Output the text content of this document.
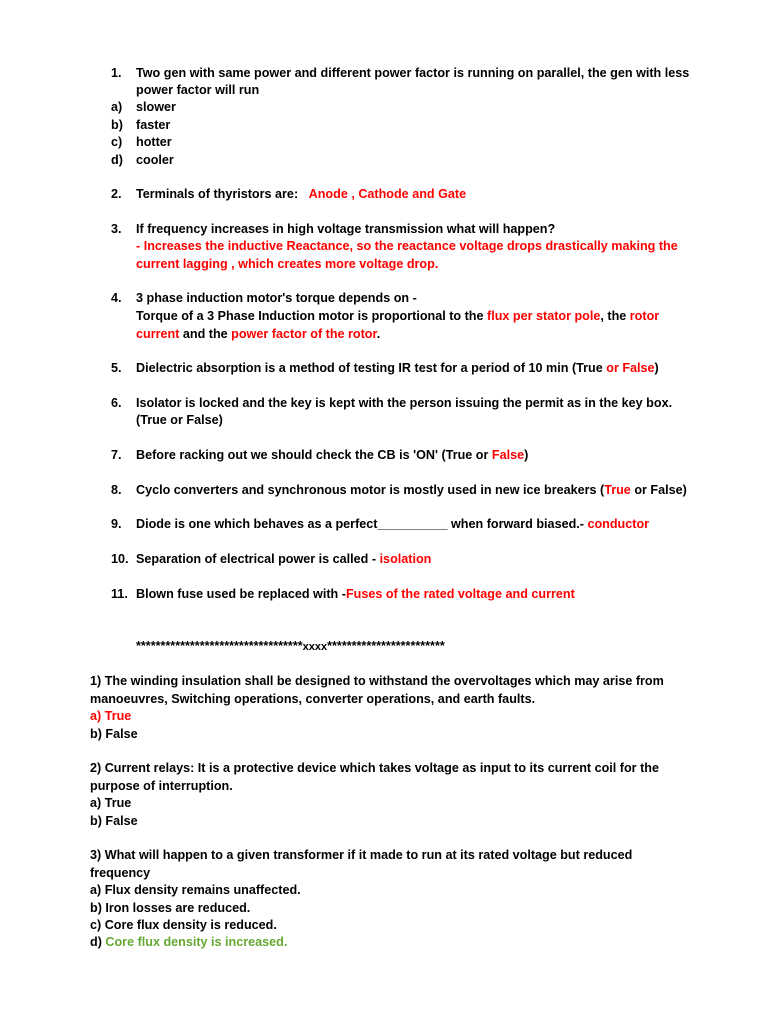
1. Two gen with same power and different power factor is running on parallel, the gen with less
power factor will run
a) slower
b) faster
c) hotter
d) cooler
2. Terminals of thyristors are: Anode , Cathode and Gate
3. If frequency increases in high voltage transmission what will happen?
- Increases the inductive Reactance, so the reactance voltage drops drastically making the
current lagging , which creates more voltage drop.
4. 3 phase induction motor's torque depends on -
Torque of a 3 Phase Induction motor is proportional to the flux per stator pole, the rotor
current and the power factor of the rotor.
5. Dielectric absorption is a method of testing IR test for a period of 10 min (True or False)
6. Isolator is locked and the key is kept with the person issuing the permit as in the key box.
(True or False)
7. Before racking out we should check the CB is 'ON' (True or False)
8. Cyclo converters and synchronous motor is mostly used in new ice breakers (True or False)
9. Diode is one which behaves as a perfect__________ when forward biased.- conductor
10. Separation of electrical power is called - isolation
11. Blown fuse used be replaced with -Fuses of the rated voltage and current
**********************************xxxx************************
1) The winding insulation shall be designed to withstand the overvoltages which may arise from
manoeuvres, Switching operations, converter operations, and earth faults.
a) True
b) False
2) Current relays: It is a protective device which takes voltage as input to its current coil for the
purpose of interruption.
a) True
b) False
3) What will happen to a given transformer if it made to run at its rated voltage but reduced
frequency
a) Flux density remains unaffected.
b) Iron losses are reduced.
c) Core flux density is reduced.
d) Core flux density is increased.
